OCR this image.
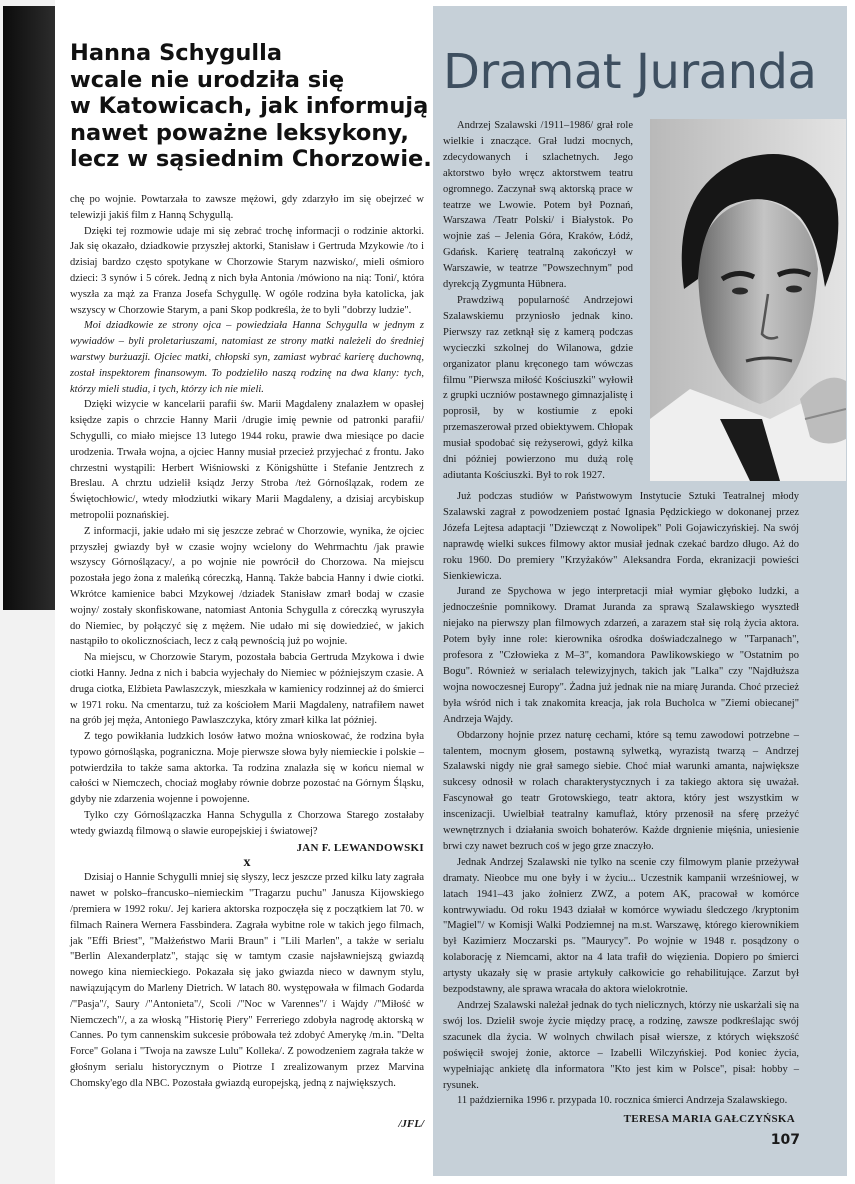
Hanna Schygulla
wcale nie urodziła się
w Katowicach, jak informują
nawet poważne leksykony,
lecz w sąsiednim Chorzowie.

chę po wojnie. Powtarzała to zawsze mężowi, gdy zdarzyło im się obejrzeć w telewizji jakiś film z Hanną Schygullą.

Dzięki tej rozmowie udaje mi się zebrać trochę informacji o rodzinie aktorki. Jak się okazało, dziadkowie przyszłej aktorki, Stanisław i Gertruda Mzykowie /to i dzisiaj bardzo często spotykane w Chorzowie Starym nazwisko/, mieli ośmioro dzieci: 3 synów i 5 córek. Jedną z nich była Antonia /mówiono na nią: Toni/, która wyszła za mąż za Franza Josefa Schygullę. W ogóle rodzina była katolicka, jak wszyscy w Chorzowie Starym, a pani Skop podkreśla, że to byli "dobrzy ludzie".

Moi dziadkowie ze strony ojca – powiedziała Hanna Schygulla w jednym z wywiadów – byli proletariuszami, natomiast ze strony matki należeli do średniej warstwy burżuazji. Ojciec matki, chłopski syn, zamiast wybrać karierę duchowną, został inspektorem finansowym. To podzieliło naszą rodzinę na dwa klany: tych, którzy mieli studia, i tych, którzy ich nie mieli.

Dzięki wizycie w kancelarii parafii św. Marii Magdaleny znalazłem w opasłej księdze zapis o chrzcie Hanny Marii /drugie imię pewnie od patronki parafii/ Schygulli, co miało miejsce 13 lutego 1944 roku, prawie dwa miesiące po dacie urodzenia. Trwała wojna, a ojciec Hanny musiał przecież przyjechać z frontu. Jako chrzestni wystąpili: Herbert Wiśniowski z Königshütte i Stefanie Jentzrech z Breslau. A chrztu udzielił ksiądz Jerzy Stroba /też Górnoślązak, rodem ze Świętochłowic/, wtedy młodziutki wikary Marii Magdaleny, a dzisiaj arcybiskup metropolii poznańskiej.

Z informacji, jakie udało mi się jeszcze zebrać w Chorzowie, wynika, że ojciec przyszłej gwiazdy był w czasie wojny wcielony do Wehrmachtu /jak prawie wszyscy Górnoślązacy/, a po wojnie nie powrócił do Chorzowa. Na miejscu pozostała jego żona z maleńką córeczką, Hanną. Także babcia Hanny i dwie ciotki. Wkrótce kamienice babci Mzykowej /dziadek Stanisław zmarł bodaj w czasie wojny/ zostały skonfiskowane, natomiast Antonia Schygulla z córeczką wyruszyła do Niemiec, by połączyć się z mężem. Nie udało mi się dowiedzieć, w jakich nastąpiło to okolicznościach, lecz z całą pewnością już po wojnie.

Na miejscu, w Chorzowie Starym, pozostała babcia Gertruda Mzykowa i dwie ciotki Hanny. Jedna z nich i babcia wyjechały do Niemiec w późniejszym czasie. A druga ciotka, Elżbieta Pawlaszczyk, mieszkała w kamienicy rodzinnej aż do śmierci w 1971 roku. Na cmentarzu, tuż za kościołem Marii Magdaleny, natrafiłem nawet na grób jej męża, Antoniego Pawlaszczyka, który zmarł kilka lat później.

Z tego powikłania ludzkich losów łatwo można wnioskować, że rodzina była typowo górnośląska, pograniczna. Moje pierwsze słowa były niemieckie i polskie – potwierdziła to także sama aktorka. Ta rodzina znalazła się w końcu niemal w całości w Niemczech, chociaż mogłaby równie dobrze pozostać na Górnym Śląsku, gdyby nie zdarzenia wojenne i powojenne.

Tylko czy Górnoślązaczka Hanna Schygulla z Chorzowa Starego zostałaby wtedy gwiazdą filmową o sławie europejskiej i światowej?

JAN F. LEWANDOWSKI
x

Dzisiaj o Hannie Schygulli mniej się słyszy, lecz jeszcze przed kilku laty zagrała nawet w polsko–francusko–niemieckim "Tragarzu puchu" Janusza Kijowskiego /premiera w 1992 roku/. Jej kariera aktorska rozpoczęła się z początkiem lat 70. w filmach Rainera Wernera Fassbindera. Zagrała wybitne role w takich jego filmach, jak "Effi Briest", "Małżeństwo Marii Braun" i "Lili Marlen", a także w serialu "Berlin Alexanderplatz", stając się w tamtym czasie najsławniejszą gwiazdą nowego kina niemieckiego. Pokazała się jako gwiazda nieco w dawnym stylu, nawiązującym do Marleny Dietrich. W latach 80. występowała w filmach Godarda /"Pasja"/, Saury /"Antonieta"/, Scoli /"Noc w Varennes"/ i Wajdy /"Miłość w Niemczech"/, a za włoską "Historię Piery" Ferreriego zdobyła nagrodę aktorską w Cannes. Po tym cannenskim sukcesie próbowała też zdobyć Amerykę /m.in. "Delta Force" Golana i "Twoja na zawsze Lulu" Kolleka/. Z powodzeniem zagrała także w głośnym serialu historycznym o Piotrze I zrealizowanym przez Marvina Chomsky'ego dla NBC. Pozostała gwiazdą europejską, jedną z największych.

/JFL/
Dramat Juranda

Andrzej Szalawski /1911–1986/ grał role wielkie i znaczące. Grał ludzi mocnych, zdecydowanych i szlachetnych. Jego aktorstwo było wręcz aktorstwem teatru ogromnego. Zaczynał swą aktorską prace w teatrze we Lwowie. Potem był Poznań, Warszawa /Teatr Polski/ i Białystok. Po wojnie zaś – Jelenia Góra, Kraków, Łódź, Gdańsk. Karierę teatralną zakończył w Warszawie, w teatrze "Powszechnym" pod dyrekcją Zygmunta Hübnera.

Prawdziwą popularność Andrzejowi Szalawskiemu przyniosło jednak kino. Pierwszy raz zetknął się z kamerą podczas wycieczki szkolnej do Wilanowa, gdzie organizator planu kręconego tam wówczas filmu "Pierwsza miłość Kościuszki" wyłowił z grupki uczniów postawnego gimnazjalistę i poprosił, by w kostiumie z epoki przemaszerował przed obiektywem. Chłopak musiał spodobać się reżyserowi, gdyż kilka dni później powierzono mu dużą rolę adiutanta Kościuszki. Był to rok 1927.

Już podczas studiów w Państwowym Instytucie Sztuki Teatralnej młody Szalawski zagrał z powodzeniem postać Ignasia Pędzickiego w dokonanej przez Józefa Lejtesa adaptacji "Dziewcząt z Nowolipek" Poli Gojawiczyńskiej. Na swój naprawdę wielki sukces filmowy aktor musiał jednak czekać bardzo długo. Aż do roku 1960. Do premiery "Krzyżaków" Aleksandra Forda, ekranizacji powieści Sienkiewicza.

Jurand ze Spychowa w jego interpretacji miał wymiar głęboko ludzki, a jednocześnie pomnikowy. Dramat Juranda za sprawą Szalawskiego wysztedł niejako na pierwszy plan filmowych zdarzeń, a zarazem stał się rolą życia aktora. Potem były inne role: kierownika ośrodka doświadczalnego w "Tarpanach", profesora z "Człowieka z M–3", komandora Pawlikowskiego w "Ostatnim po Bogu". Również w serialach telewizyjnych, takich jak "Lalka" czy "Najdłuższa wojna nowoczesnej Europy". Żadna już jednak nie na miarę Juranda. Choć przecież była wśród nich i tak znakomita kreacja, jak rola Bucholca w "Ziemi obiecanej" Andrzeja Wajdy.

Obdarzony hojnie przez naturę cechami, które są temu zawodowi potrzebne – talentem, mocnym głosem, postawną sylwetką, wyrazistą twarzą – Andrzej Szalawski nigdy nie grał samego siebie. Choć miał warunki amanta, największe sukcesy odnosił w rolach charakterystycznych i za takiego aktora się uważał. Fascynował go teatr Grotowskiego, teatr aktora, który jest wszystkim w inscenizacji. Uwielbiał teatralny kamuflaż, który przenosił na sferę przeżyć wewnętrznych i działania swoich bohaterów. Każde drgnienie mięśnia, uniesienie brwi czy nawet bezruch coś w jego grze znaczyło.

Jednak Andrzej Szalawski nie tylko na scenie czy filmowym planie przeżywał dramaty. Nieobce mu one były i w życiu... Uczestnik kampanii wrześniowej, w latach 1941–43 jako żołnierz ZWZ, a potem AK, pracował w komórce kontrwywiadu. Od roku 1943 działał w komórce wywiadu śledczego /kryptonim "Magiel"/ w Komisji Walki Podziemnej na m.st. Warszawę, którego kierownikiem był Kazimierz Moczarski ps. "Maurycy". Po wojnie w 1948 r. posądzony o kolaborację z Niemcami, aktor na 4 lata trafił do więzienia. Dopiero po śmierci artysty ukazały się w prasie artykuły całkowicie go rehabilitujące. Zarzut był bezpodstawny, ale sprawa wracała do aktora wielokrotnie.

Andrzej Szalawski należał jednak do tych nielicznych, którzy nie uskarżali się na swój los. Dzielił swoje życie między pracę, a rodzinę, zawsze podkreślając swój szacunek dla życia. W wolnych chwilach pisał wiersze, z których większość poświęcił swojej żonie, aktorce – Izabelli Wilczyńskiej. Pod koniec życia, wypełniając ankietę dla informatora "Kto jest kim w Polsce", pisał: hobby – rysunek.

11 października 1996 r. przypada 10. rocznica śmierci Andrzeja Szalawskiego.

TERESA MARIA GAŁCZYŃSKA
107
